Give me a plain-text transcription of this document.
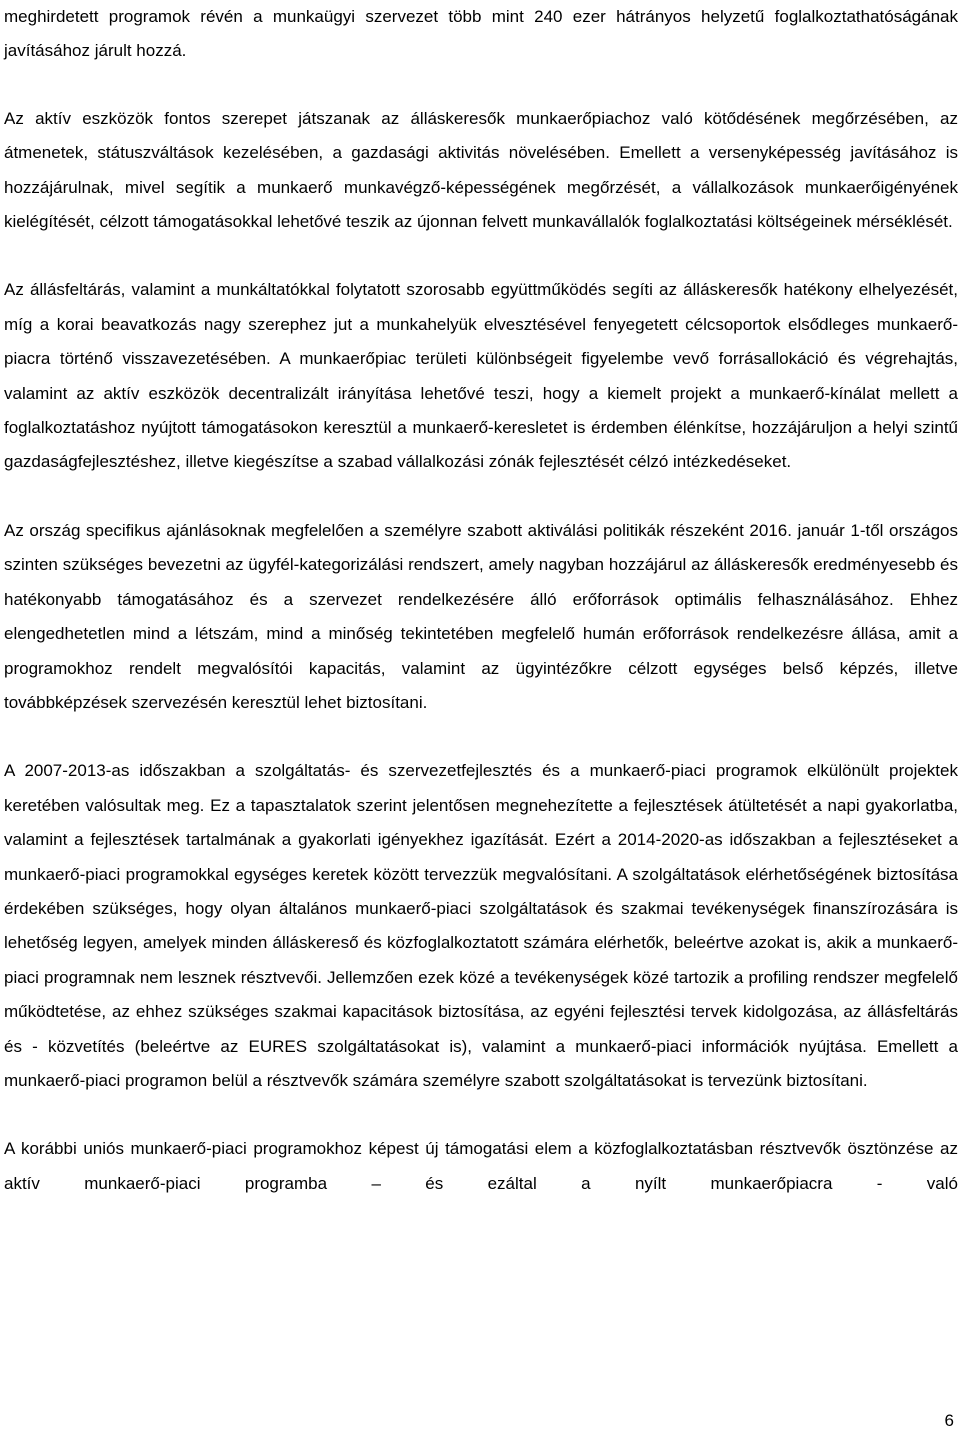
meghirdetett programok révén a munkaügyi szervezet több mint 240 ezer hátrányos helyzetű foglalkoztathatóságának javításához járult hozzá.

Az aktív eszközök fontos szerepet játszanak az álláskeresők munkaerőpiachoz való kötődésének megőrzésében, az átmenetek, státuszváltások kezelésében, a gazdasági aktivitás növelésében. Emellett a versenyképesség javításához is hozzájárulnak, mivel segítik a munkaerő munkavégző-képességének megőrzését, a vállalkozások munkaerőigényének kielégítését, célzott támogatásokkal lehetővé teszik az újonnan felvett munkavállalók foglalkoztatási költségeinek mérséklését.

Az állásfeltárás, valamint a munkáltatókkal folytatott szorosabb együttműködés segíti az álláskeresők hatékony elhelyezését, míg a korai beavatkozás nagy szerephez jut a munkahelyük elvesztésével fenyegetett célcsoportok elsődleges munkaerő-piacra történő visszavezetésében. A munkaerőpiac területi különbségeit figyelembe vevő forrásallokáció és végrehajtás, valamint az aktív eszközök decentralizált irányítása lehetővé teszi, hogy a kiemelt projekt a munkaerő-kínálat mellett a foglalkoztatáshoz nyújtott támogatásokon keresztül a munkaerő-keresletet is érdemben élénkítse, hozzájáruljon a helyi szintű gazdaságfejlesztéshez, illetve kiegészítse a szabad vállalkozási zónák fejlesztését célzó intézkedéseket.

Az ország specifikus ajánlásoknak megfelelően a személyre szabott aktiválási politikák részeként 2016. január 1-től országos szinten szükséges bevezetni az ügyfél-kategorizálási rendszert, amely nagyban hozzájárul az álláskeresők eredményesebb és hatékonyabb támogatásához és a szervezet rendelkezésére álló erőforrások optimális felhasználásához. Ehhez elengedhetetlen mind a létszám, mind a minőség tekintetében megfelelő humán erőforrások rendelkezésre állása, amit a programokhoz rendelt megvalósítói kapacitás, valamint az ügyintézőkre célzott egységes belső képzés, illetve továbbképzések szervezésén keresztül lehet biztosítani.

A 2007-2013-as időszakban a szolgáltatás- és szervezetfejlesztés és a munkaerő-piaci programok elkülönült projektek keretében valósultak meg. Ez a tapasztalatok szerint jelentősen megnehezítette a fejlesztések átültetését a napi gyakorlatba, valamint a fejlesztések tartalmának a gyakorlati igényekhez igazítását. Ezért a 2014-2020-as időszakban a fejlesztéseket a munkaerő-piaci programokkal egységes keretek között tervezzük megvalósítani. A szolgáltatások elérhetőségének biztosítása érdekében szükséges, hogy olyan általános munkaerő-piaci szolgáltatások és szakmai tevékenységek finanszírozására is lehetőség legyen, amelyek minden álláskereső és közfoglalkoztatott számára elérhetők, beleértve azokat is, akik a munkaerő-piaci programnak nem lesznek résztvevői. Jellemzően ezek közé a tevékenységek közé tartozik a profiling rendszer megfelelő működtetése, az ehhez szükséges szakmai kapacitások biztosítása, az egyéni fejlesztési tervek kidolgozása, az állásfeltárás és - közvetítés (beleértve az EURES szolgáltatásokat is), valamint a munkaerő-piaci információk nyújtása. Emellett a munkaerő-piaci programon belül a résztvevők számára személyre szabott szolgáltatásokat is tervezünk biztosítani.

A korábbi uniós munkaerő-piaci programokhoz képest új támogatási elem a közfoglalkoztatásban résztvevők ösztönzése az aktív munkaerő-piaci programba – és ezáltal a nyílt munkaerőpiacra - való

6
